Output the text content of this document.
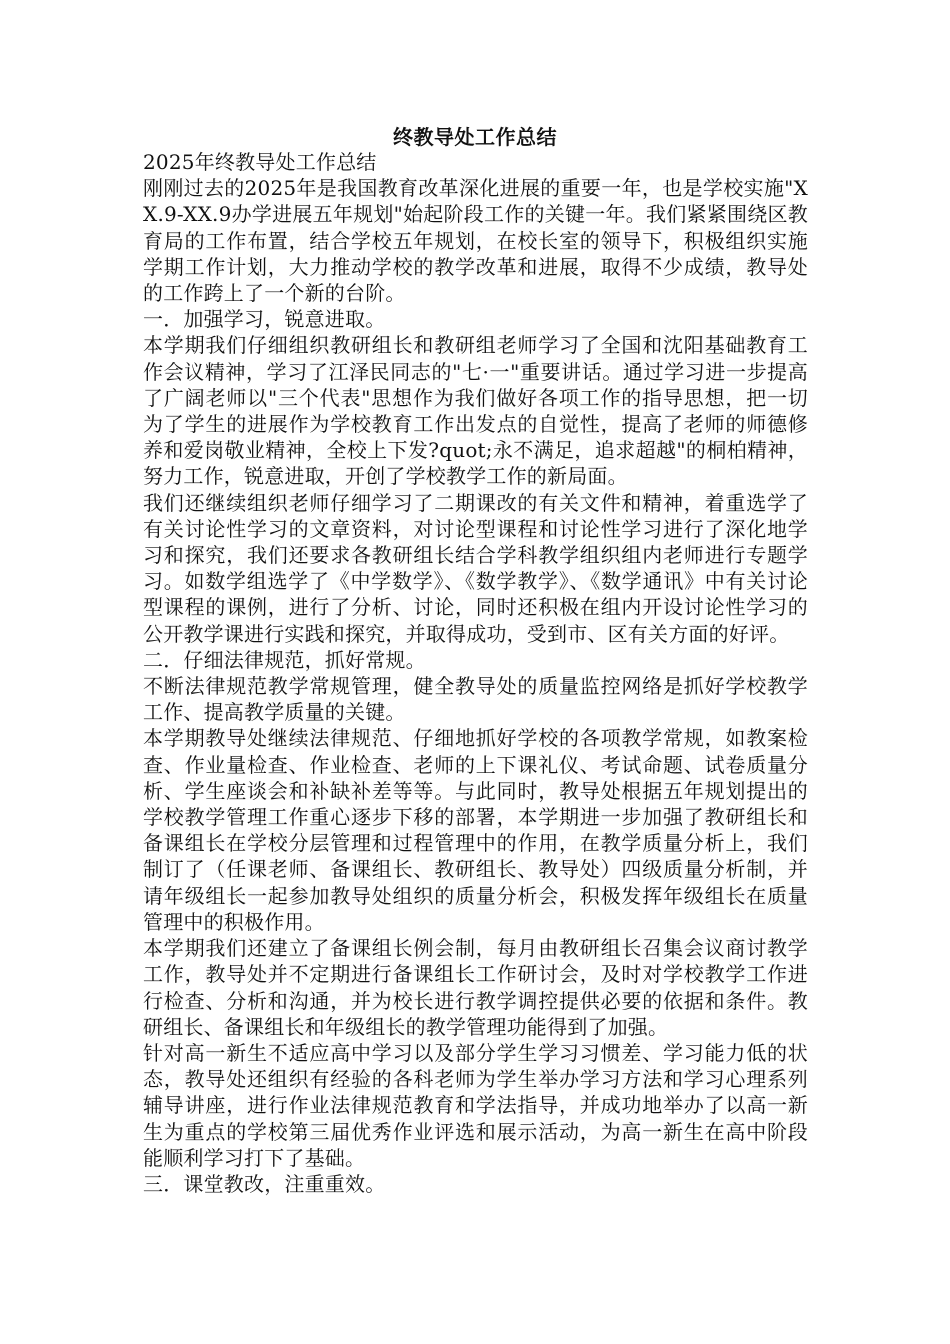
终教导处工作总结

2025年终教导处工作总结

刚刚过去的2025年是我国教育改革深化进展的重要一年，也是学校实施"XX.9-XX.9办学进展五年规划"始起阶段工作的关键一年。我们紧紧围绕区教育局的工作布置，结合学校五年规划，在校长室的领导下，积极组织实施学期工作计划，大力推动学校的教学改革和进展，取得不少成绩，教导处的工作跨上了一个新的台阶。

一．加强学习，锐意进取。

本学期我们仔细组织教研组长和教研组老师学习了全国和沈阳基础教育工作会议精神，学习了江泽民同志的"七·一"重要讲话。通过学习进一步提高了广阔老师以"三个代表"思想作为我们做好各项工作的指导思想，把一切为了学生的进展作为学校教育工作出发点的自觉性，提高了老师的师德修养和爱岗敬业精神，全校上下发?quot;永不满足，追求超越"的桐柏精神，努力工作，锐意进取，开创了学校教学工作的新局面。

我们还继续组织老师仔细学习了二期课改的有关文件和精神，着重选学了有关讨论性学习的文章资料，对讨论型课程和讨论性学习进行了深化地学习和探究，我们还要求各教研组长结合学科教学组织组内老师进行专题学习。如数学组选学了《中学数学》、《数学教学》、《数学通讯》中有关讨论型课程的课例，进行了分析、讨论，同时还积极在组内开设讨论性学习的公开教学课进行实践和探究，并取得成功，受到市、区有关方面的好评。

二．仔细法律规范，抓好常规。

不断法律规范教学常规管理，健全教导处的质量监控网络是抓好学校教学工作、提高教学质量的关键。

本学期教导处继续法律规范、仔细地抓好学校的各项教学常规，如教案检查、作业量检查、作业检查、老师的上下课礼仪、考试命题、试卷质量分析、学生座谈会和补缺补差等等。与此同时，教导处根据五年规划提出的学校教学管理工作重心逐步下移的部署，本学期进一步加强了教研组长和备课组长在学校分层管理和过程管理中的作用，在教学质量分析上，我们制订了（任课老师、备课组长、教研组长、教导处）四级质量分析制，并请年级组长一起参加教导处组织的质量分析会，积极发挥年级组长在质量管理中的积极作用。

本学期我们还建立了备课组长例会制，每月由教研组长召集会议商讨教学工作，教导处并不定期进行备课组长工作研讨会，及时对学校教学工作进行检查、分析和沟通，并为校长进行教学调控提供必要的依据和条件。教研组长、备课组长和年级组长的教学管理功能得到了加强。

针对高一新生不适应高中学习以及部分学生学习习惯差、学习能力低的状态，教导处还组织有经验的各科老师为学生举办学习方法和学习心理系列辅导讲座，进行作业法律规范教育和学法指导，并成功地举办了以高一新生为重点的学校第三届优秀作业评选和展示活动，为高一新生在高中阶段能顺利学习打下了基础。

三．课堂教改，注重重效。
